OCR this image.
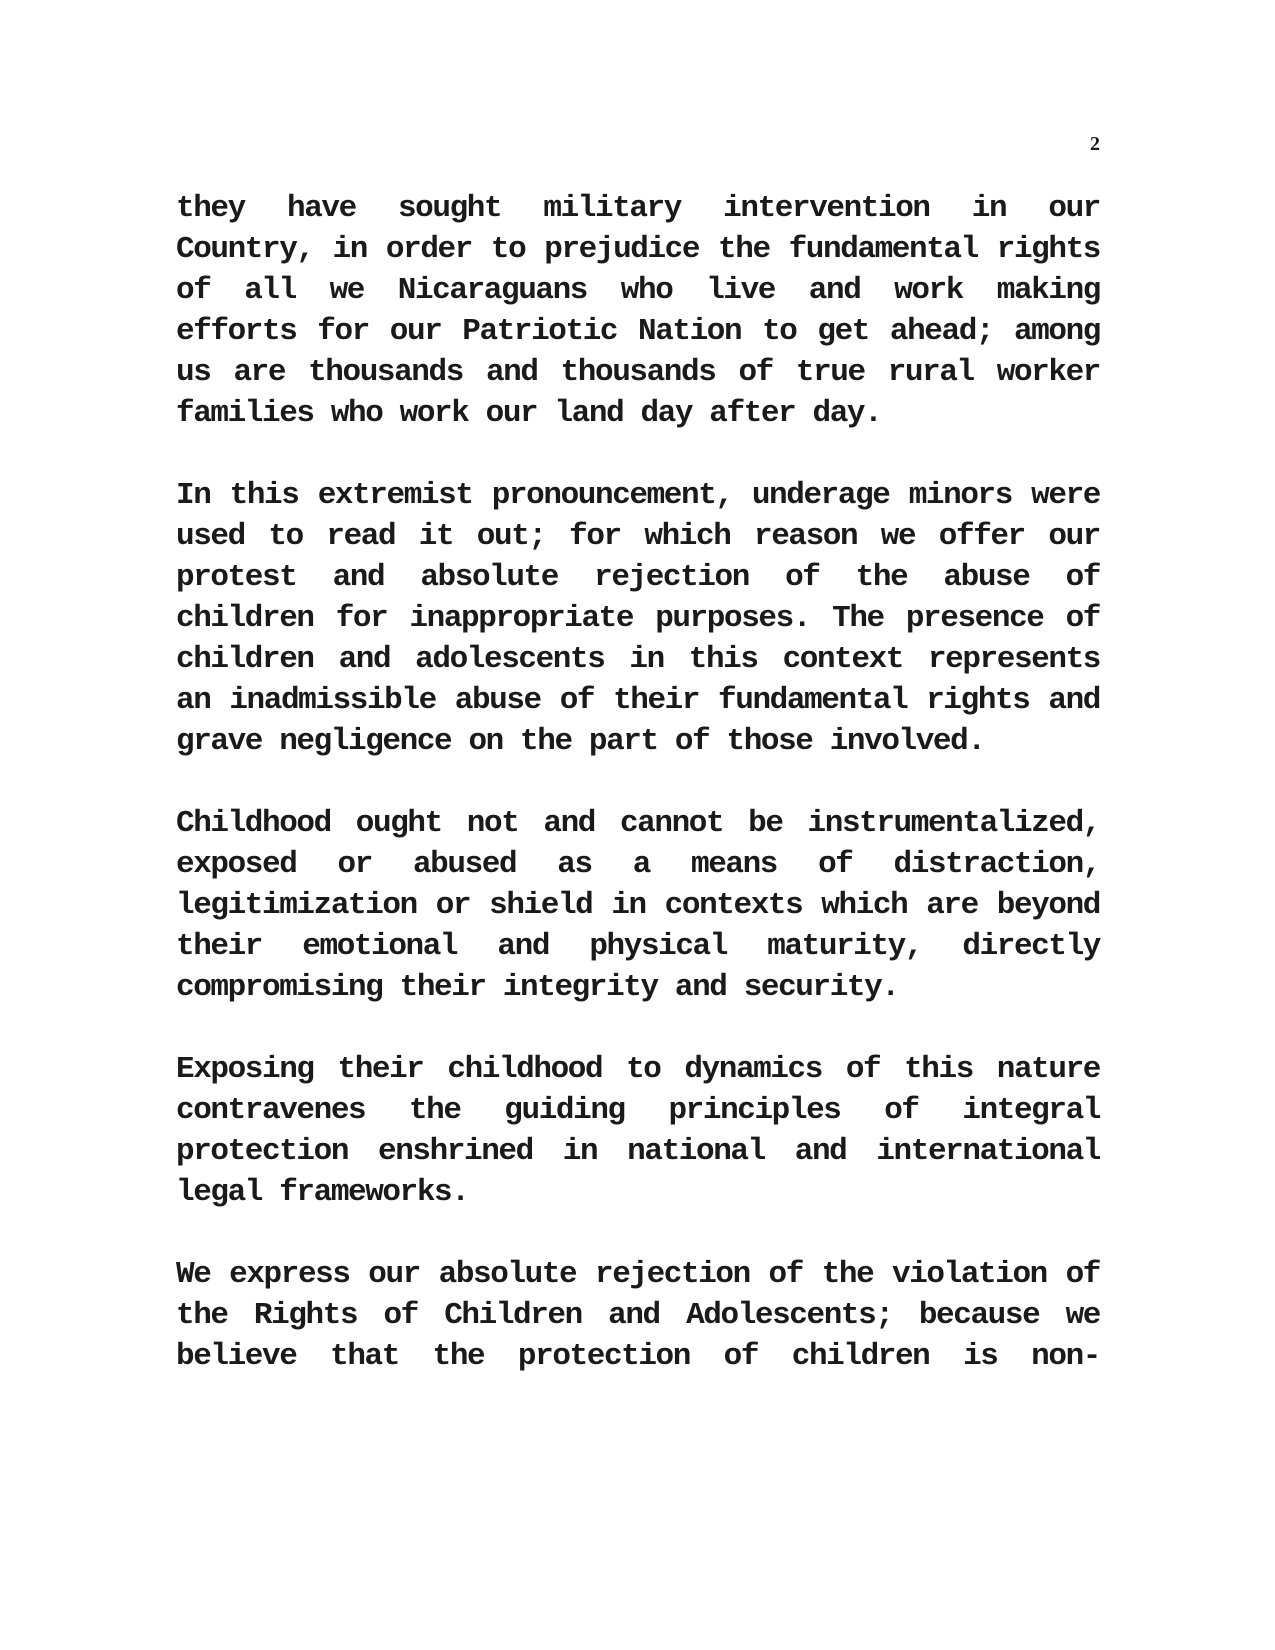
2

they have sought military intervention in our Country, in order to prejudice the fundamental rights of all we Nicaraguans who live and work making efforts for our Patriotic Nation to get ahead; among us are thousands and thousands of true rural worker families who work our land day after day.

In this extremist pronouncement, underage minors were used to read it out; for which reason we offer our protest and absolute rejection of the abuse of children for inappropriate purposes. The presence of children and adolescents in this context represents an inadmissible abuse of their fundamental rights and grave negligence on the part of those involved.

Childhood ought not and cannot be instrumentalized, exposed or abused as a means of distraction, legitimization or shield in contexts which are beyond their emotional and physical maturity, directly compromising their integrity and security.

Exposing their childhood to dynamics of this nature contravenes the guiding principles of integral protection enshrined in national and international legal frameworks.

We express our absolute rejection of the violation of the Rights of Children and Adolescents; because we believe that the protection of children is non-
